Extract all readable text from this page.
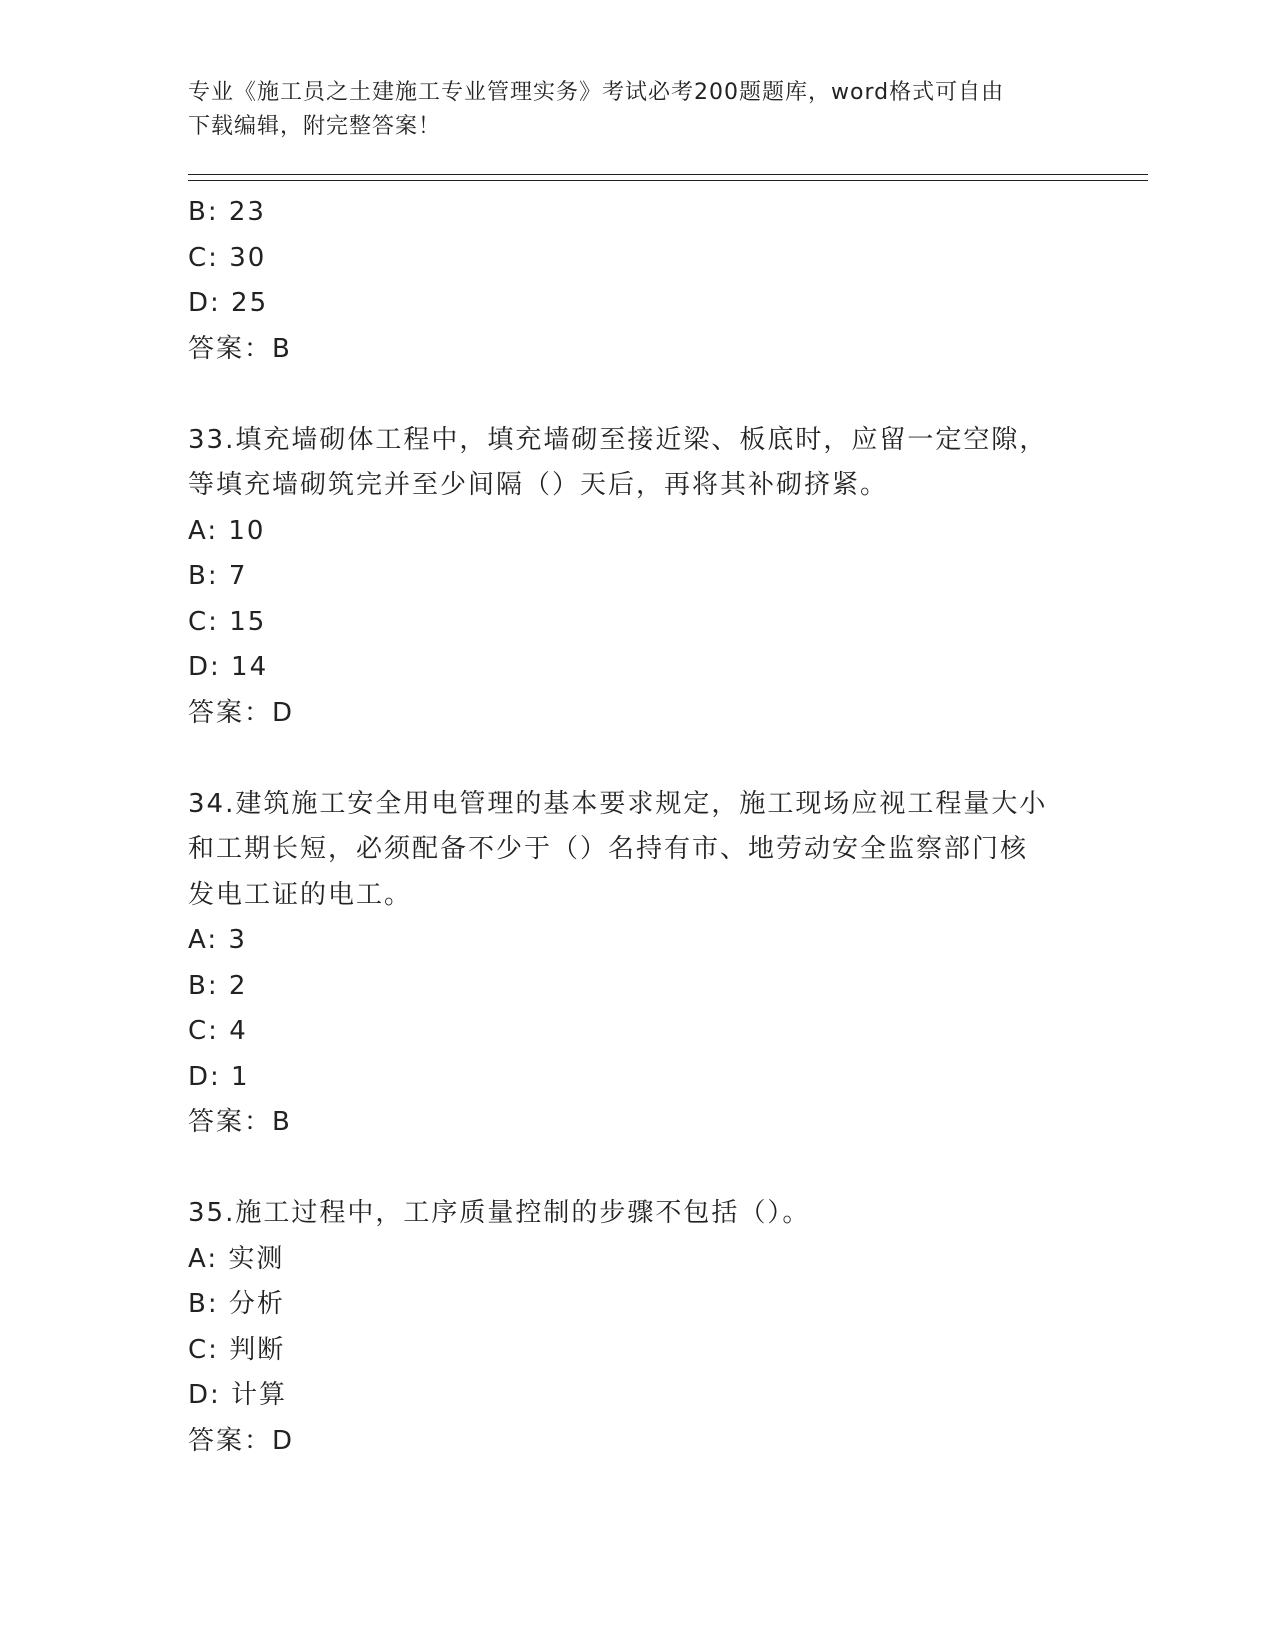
专业《施工员之土建施工专业管理实务》考试必考200题题库，word格式可自由
下载编辑，附完整答案！
B: 23
C: 30
D: 25
答案：B
33.填充墙砌体工程中，填充墙砌至接近梁、板底时，应留一定空隙，
等填充墙砌筑完并至少间隔（）天后，再将其补砌挤紧。
A: 10
B: 7
C: 15
D: 14
答案：D
34.建筑施工安全用电管理的基本要求规定，施工现场应视工程量大小
和工期长短，必须配备不少于（）名持有市、地劳动安全监察部门核
发电工证的电工。
A: 3
B: 2
C: 4
D: 1
答案：B
35.施工过程中，工序质量控制的步骤不包括（）。
A: 实测
B: 分析
C: 判断
D: 计算
答案：D
